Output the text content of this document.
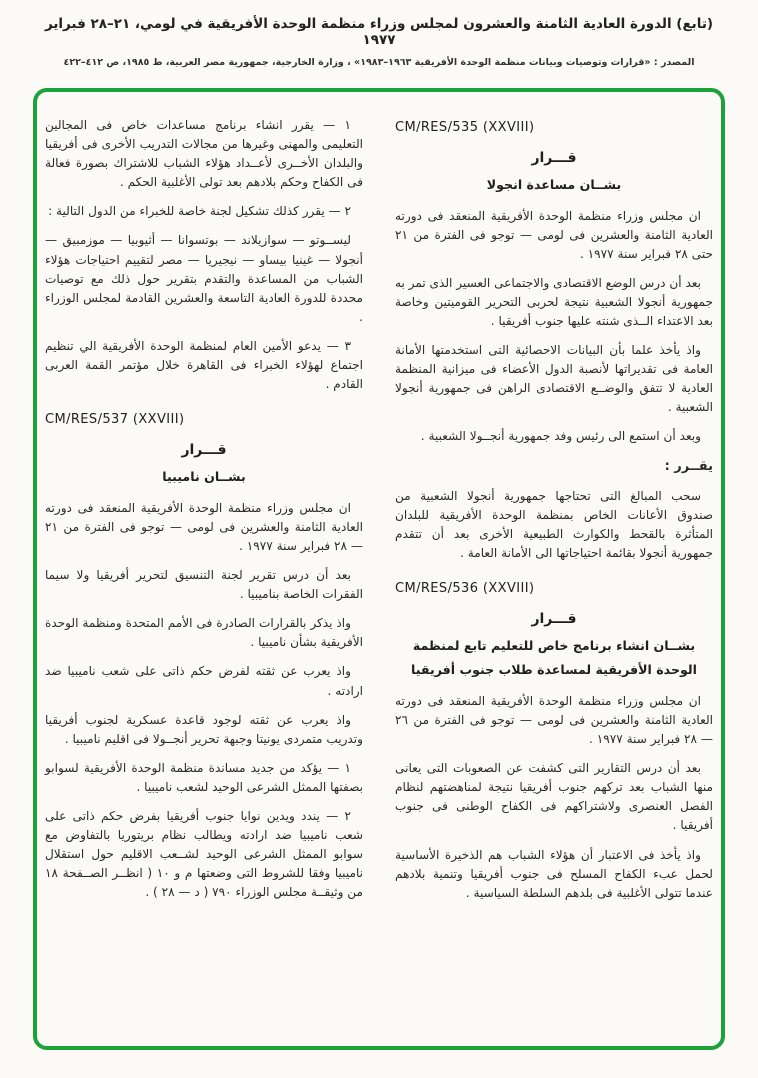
(تابع) الدورة العادية الثامنة والعشرون لمجلس وزراء منظمة الوحدة الأفريقية في لومي، ٢١–٢٨ فبراير ١٩٧٧
المصدر : «قرارات وتوصيات وبيانات منظمة الوحدة الأفريقية ١٩٦٣–١٩٨٣» ، وزارة الخارجية، جمهورية مصر العربية، ط ١٩٨٥، ص ٤١٢–٤٢٢
CM/RES/535 (XXVIII)
قـــرار
بشــان مساعدة انجولا
ان مجلس وزراء منظمة الوحدة الأفريقية المنعقد فى دورته العادية الثامنة والعشرين فى لومى — توجو فى الفترة من ٢١ حتى ٢٨ فبراير سنة ١٩٧٧ .
بعد أن درس الوضع الاقتصادى والاجتماعى العسير الذى تمر به جمهورية أنجولا الشعبية نتيجة لحربى التحرير القوميتين وخاصة بعد الاعتداء الــذى شنته عليها جنوب أفريقيا .
واذ يأخذ علما بأن البيانات الاحصائية التى استخدمتها الأمانة العامة فى تقديراتها لأنصبة الدول الأعضاء فى ميزانية المنظمة العادية لا تتفق والوضــع الاقتصادى الراهن فى جمهورية أنجولا الشعبية .
وبعد أن استمع الى رئيس وفد جمهورية أنجــولا الشعبية .
يقــرر :
سحب المبالغ التى تحتاجها جمهورية أنجولا الشعبية من صندوق الأعانات الخاص بمنظمة الوحدة الأفريقية للبلدان المتأثرة بالقحط والكوارث الطبيعية الأخرى بعد أن تتقدم جمهورية أنجولا بقائمة احتياجاتها الى الأمانة العامة .
CM/RES/536 (XXVIII)
قـــرار
بشــان انشاء برنامج خاص للتعليم تابع لمنظمة
الوحدة الأفريقية لمساعدة طلاب جنوب أفريقيا
ان مجلس وزراء منظمة الوحدة الأفريقية المنعقد فى دورته العادية الثامنة والعشرين فى لومى — توجو فى الفترة من ٢٦ — ٢٨ فبراير سنة ١٩٧٧ .
بعد أن درس التقارير التى كشفت عن الصعوبات التى يعانى منها الشباب بعد تركهم جنوب أفريقيا نتيجة لمناهضتهم لنظام الفصل العنصرى ولاشتراكهم فى الكفاح الوطنى فى جنوب أفريقيا .
واذ يأخذ فى الاعتبار أن هؤلاء الشباب هم الذخيرة الأساسية لحمل عبء الكفاح المسلح فى جنوب أفريقيا وتنمية بلادهم عندما تتولى الأغلبية فى بلدهم السلطة السياسية .
١ — يقرر انشاء برنامج مساعدات خاص فى المجالين التعليمى والمهنى وغيرها من مجالات التدريب الأخرى فى أفريقيا والبلدان الأخــرى لأعــداد هؤلاء الشباب للاشتراك بصورة فعالة فى الكفاح وحكم بلادهم بعد تولى الأغلبية الحكم .
٢ — يقرر كذلك تشكيل لجنة خاصة للخبراء من الدول التالية :
ليســوتو — سوازيلاند — بوتسوانا — أثيوبيا — موزمبيق — أنجولا — غينيا بيساو — نيجيريا — مصر لتقييم احتياجات هؤلاء الشباب من المساعدة والتقدم بتقرير حول ذلك مع توصيات محددة للدورة العادية التاسعة والعشرين القادمة لمجلس الوزراء .
٣ — يدعو الأمين العام لمنظمة الوحدة الأفريقية الي تنظيم اجتماع لهؤلاء الخبراء فى القاهرة خلال مؤتمر القمة العربى القادم .
CM/RES/537 (XXVIII)
قـــرار
بشــان ناميبيا
ان مجلس وزراء منظمة الوحدة الأفريقية المنعقد فى دورته العادية الثامنة والعشرين فى لومى — توجو فى الفترة من ٢١ — ٢٨ فبراير سنة ١٩٧٧ .
بعد أن درس تقرير لجنة التنسيق لتحرير أفريقيا ولا سيما الفقرات الخاصة بناميبيا .
واذ يذكر بالقرارات الصادرة فى الأمم المتحدة ومنظمة الوحدة الأفريقية بشأن ناميبيا .
واذ يعرب عن ثقته لفرض حكم ذاتى على شعب ناميبيا ضد ارادته .
واذ يعرب عن ثقته لوجود قاعدة عسكرية لجنوب أفريقيا وتدريب متمردى يونيتا وجبهة تحرير أنجــولا فى اقليم ناميبيا .
١ — يؤكد من جديد مساندة منظمة الوحدة الأفريقية لسوابو بصفتها الممثل الشرعى الوحيد لشعب ناميبيا .
٢ — يندد ويدين نوايا جنوب أفريقيا بفرض حكم ذاتى على شعب ناميبيا ضد ارادته ويطالب نظام بريتوريا بالتفاوض مع سوابو الممثل الشرعى الوحيد لشــعب الاقليم حول استقلال ناميبيا وفقا للشروط التى وضعتها م و ١٠ ( انظــر الصــفحة ١٨ من وثيقــة مجلس الوزراء ٧٩٠ ( د — ٢٨ ) .
